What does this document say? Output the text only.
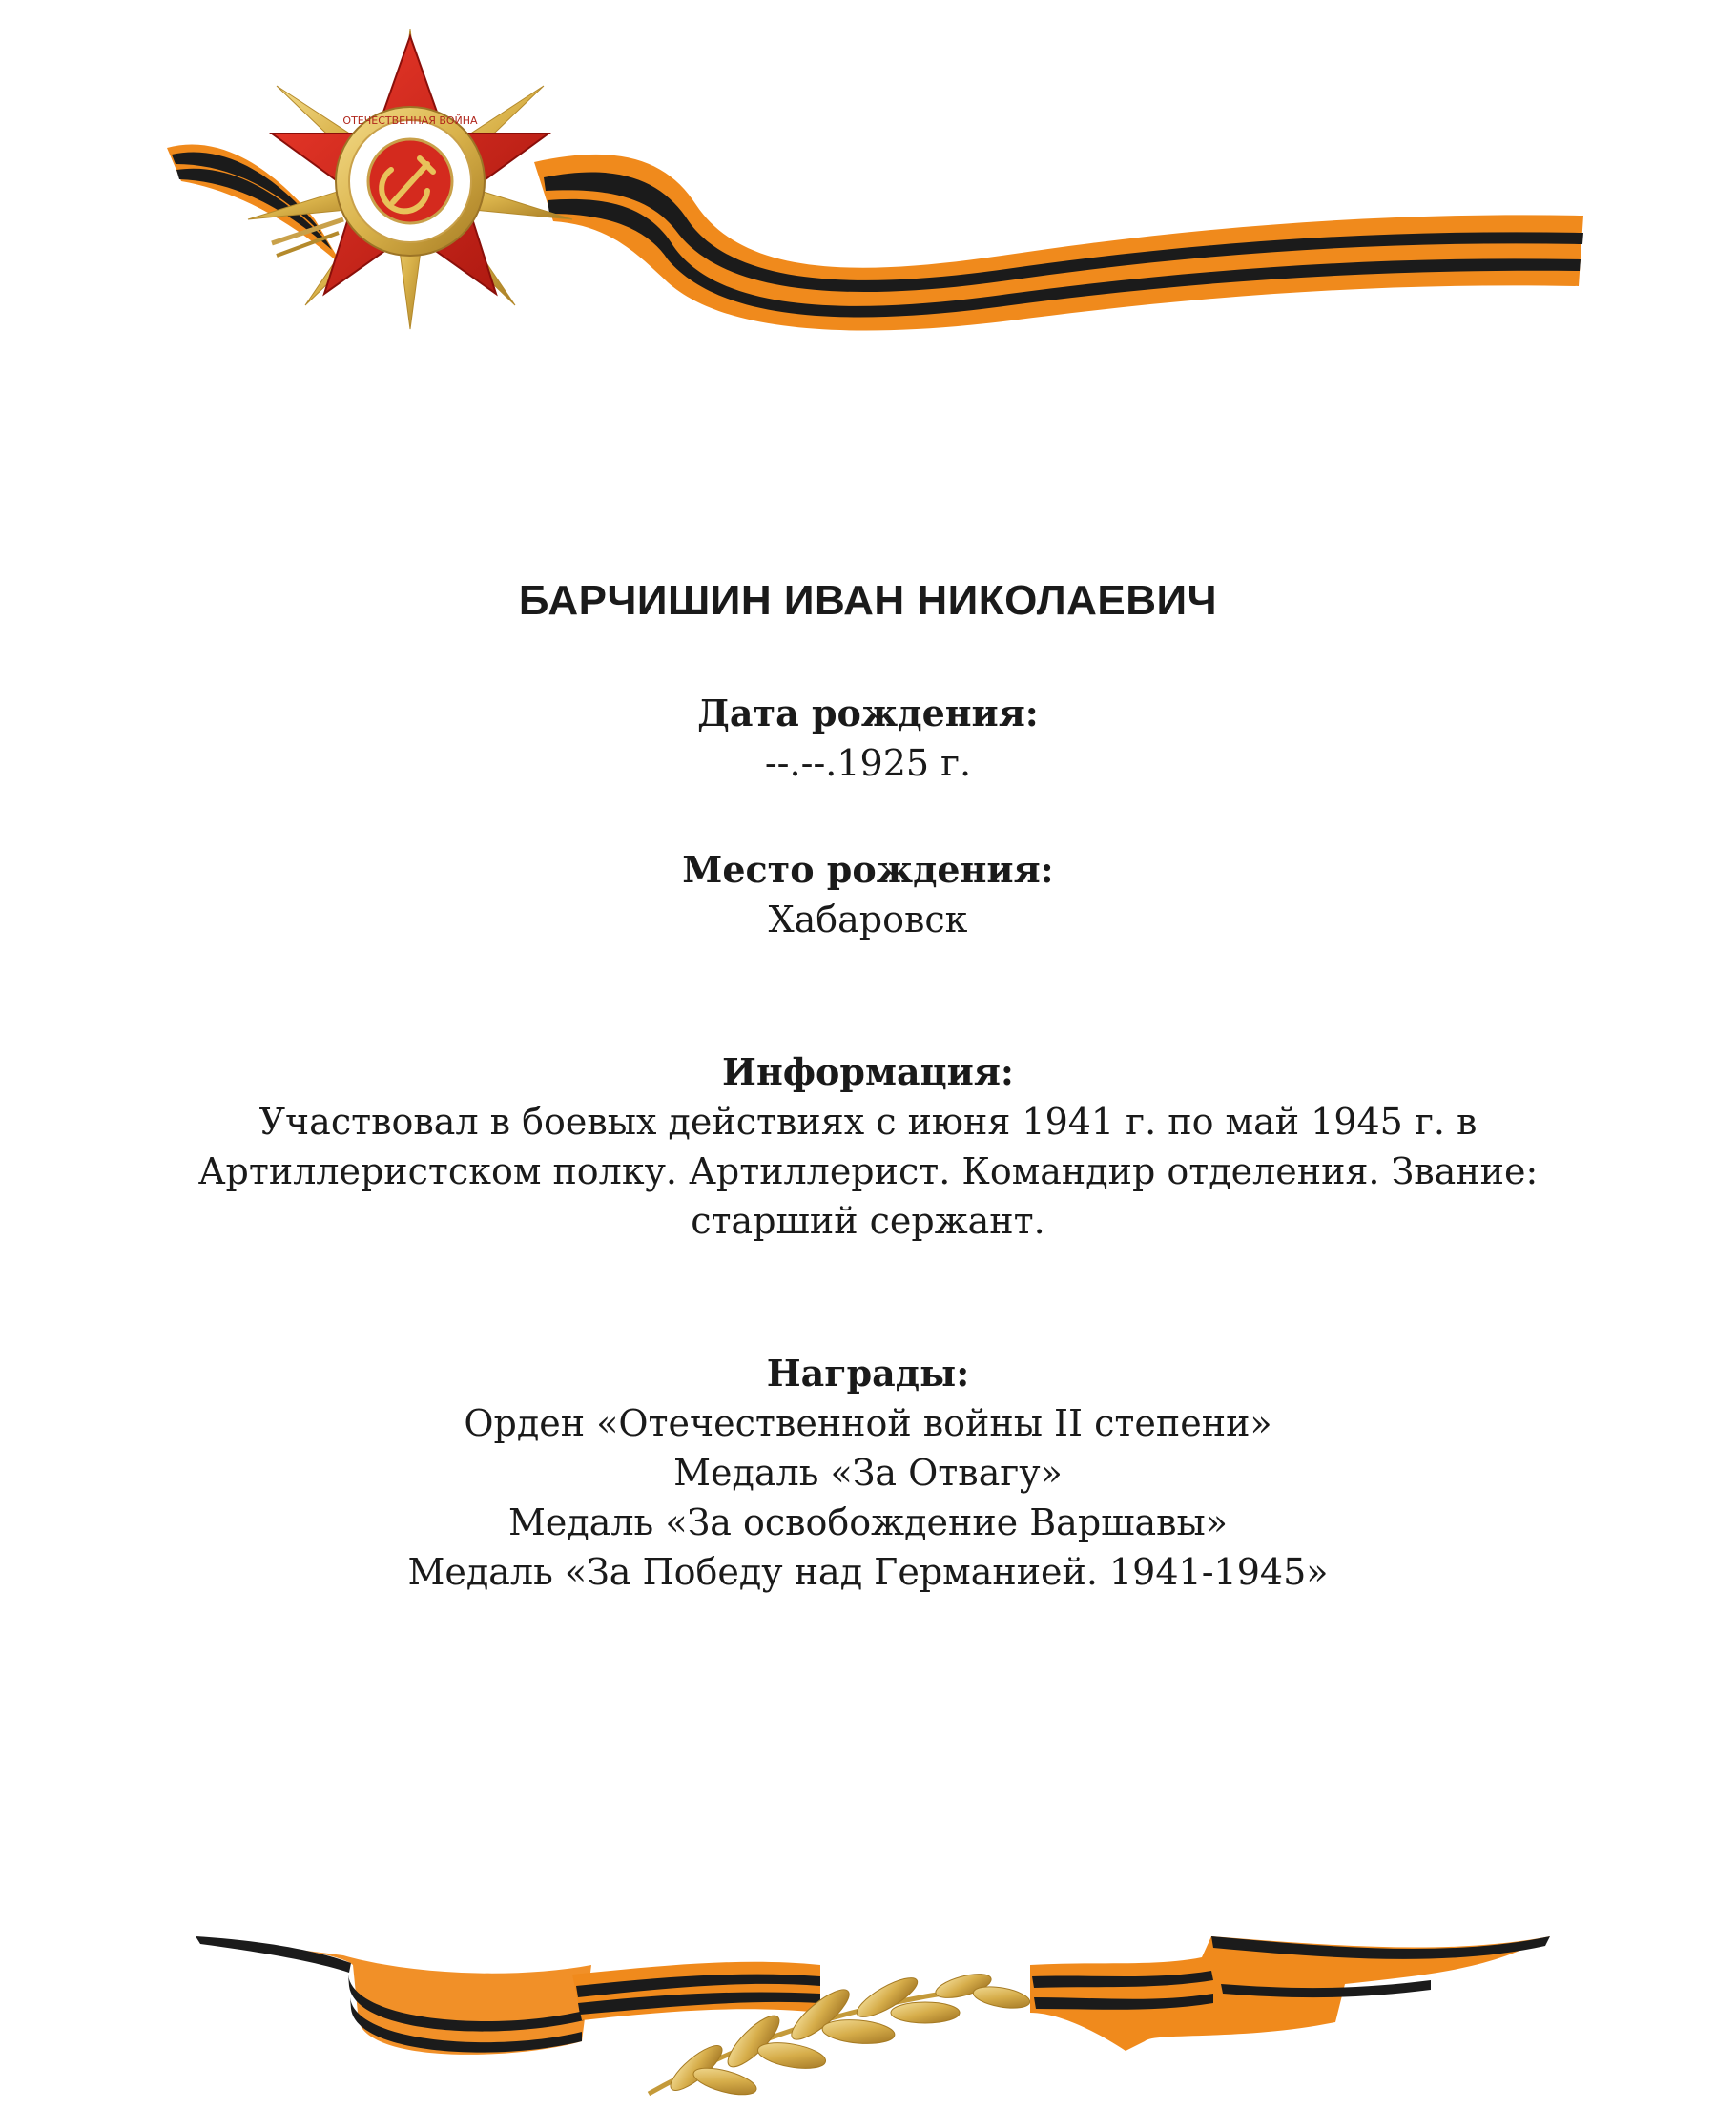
ОТЕЧЕСТВЕННАЯ ВОЙНА
БАРЧИШИН ИВАН НИКОЛАЕВИЧ
Дата рождения:
--.--.1925 г.
Место рождения:
Хабаровск
Информация:
Участвовал в боевых действиях с июня 1941 г. по май 1945 г. в
Артиллеристском полку. Артиллерист. Командир отделения. Звание:
старший сержант.
Награды:
Орден «Отечественной войны II степени»
Медаль «За Отвагу»
Медаль «За освобождение Варшавы»
Медаль «За Победу над Германией. 1941-1945»
